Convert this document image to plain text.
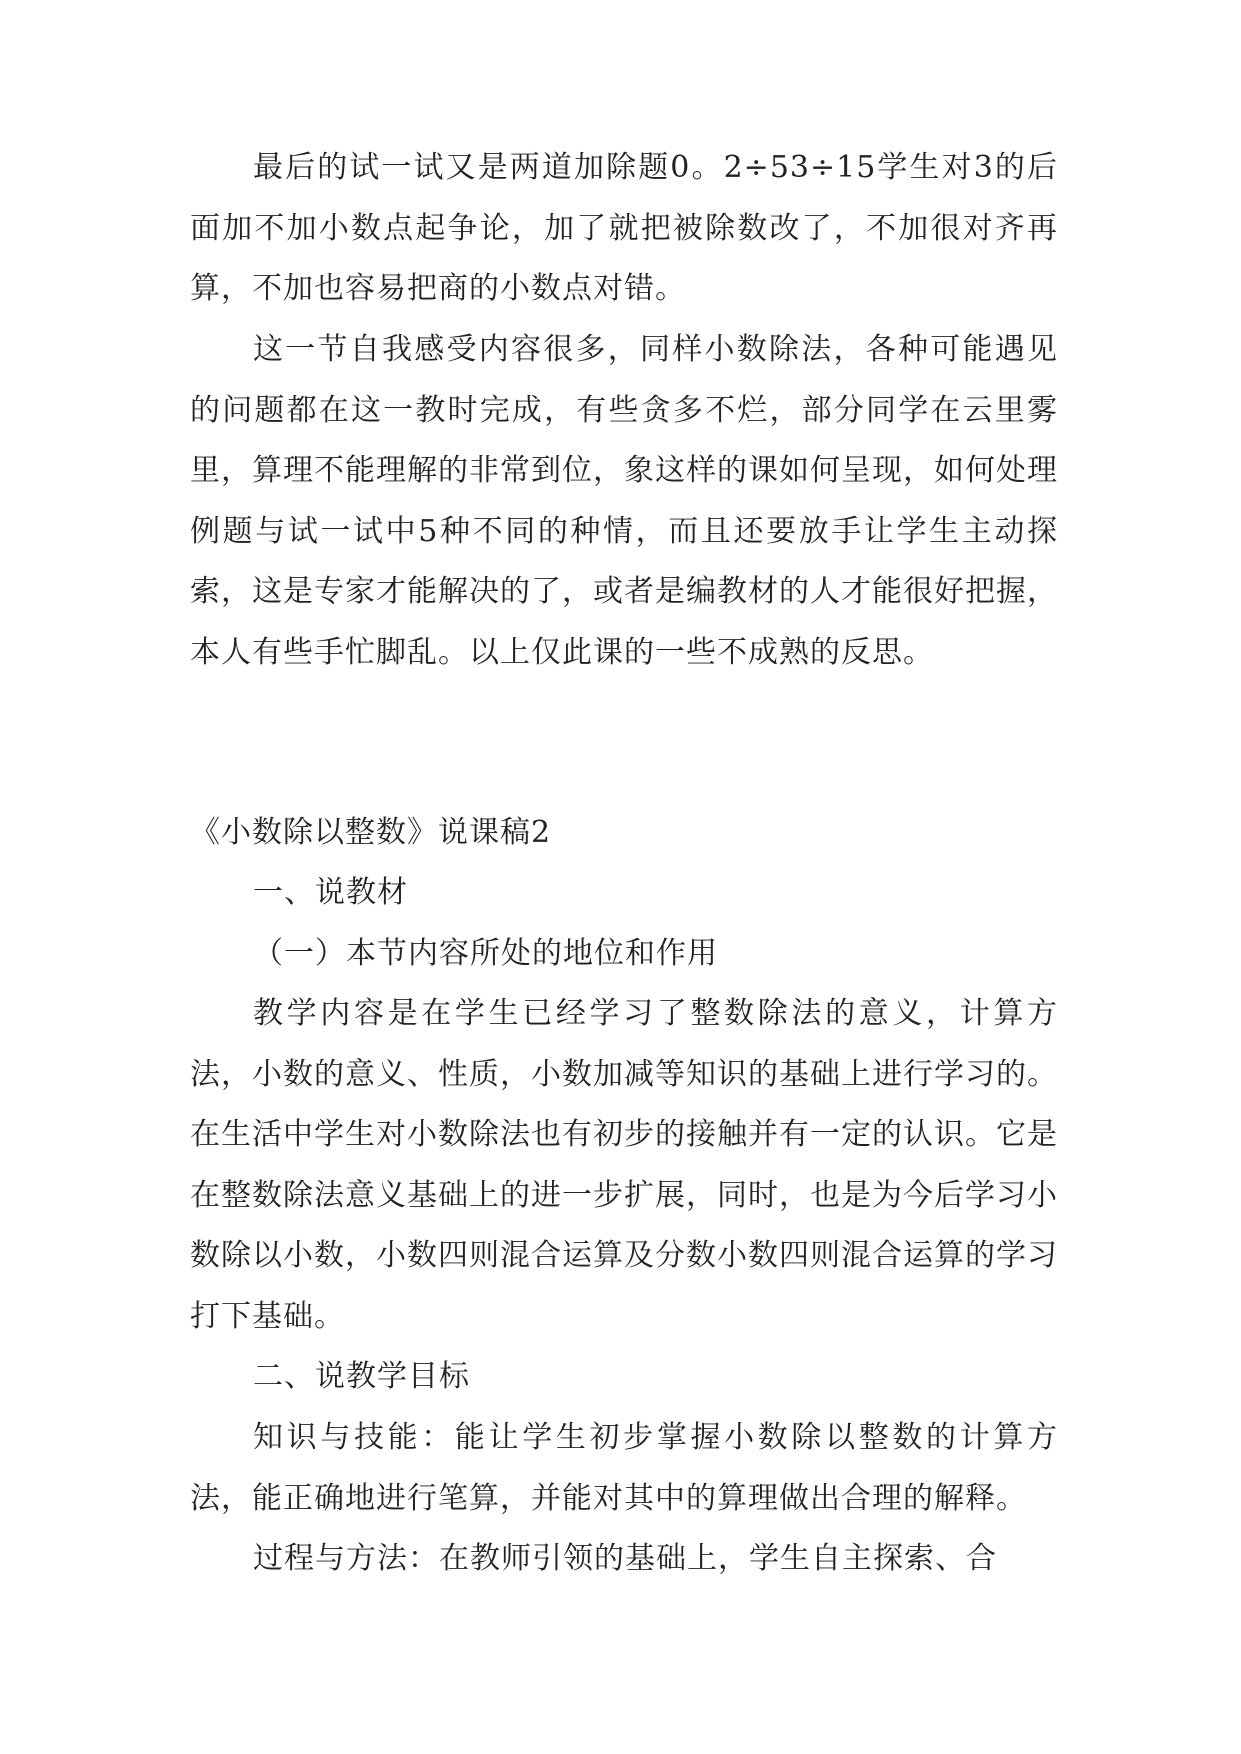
最后的试一试又是两道加除题0。2÷53÷15学生对3的后面加不加小数点起争论，加了就把被除数改了，不加很对齐再算，不加也容易把商的小数点对错。

这一节自我感受内容很多，同样小数除法，各种可能遇见的问题都在这一教时完成，有些贪多不烂，部分同学在云里雾里，算理不能理解的非常到位，象这样的课如何呈现，如何处理例题与试一试中5种不同的种情，而且还要放手让学生主动探索，这是专家才能解决的了，或者是编教材的人才能很好把握，本人有些手忙脚乱。以上仅此课的一些不成熟的反思。

《小数除以整数》说课稿2

一、说教材

（一）本节内容所处的地位和作用

教学内容是在学生已经学习了整数除法的意义，计算方法，小数的意义、性质，小数加减等知识的基础上进行学习的。在生活中学生对小数除法也有初步的接触并有一定的认识。它是在整数除法意义基础上的进一步扩展，同时，也是为今后学习小数除以小数，小数四则混合运算及分数小数四则混合运算的学习打下基础。

二、说教学目标

知识与技能：能让学生初步掌握小数除以整数的计算方法，能正确地进行笔算，并能对其中的算理做出合理的解释。

过程与方法：在教师引领的基础上，学生自主探索、合
